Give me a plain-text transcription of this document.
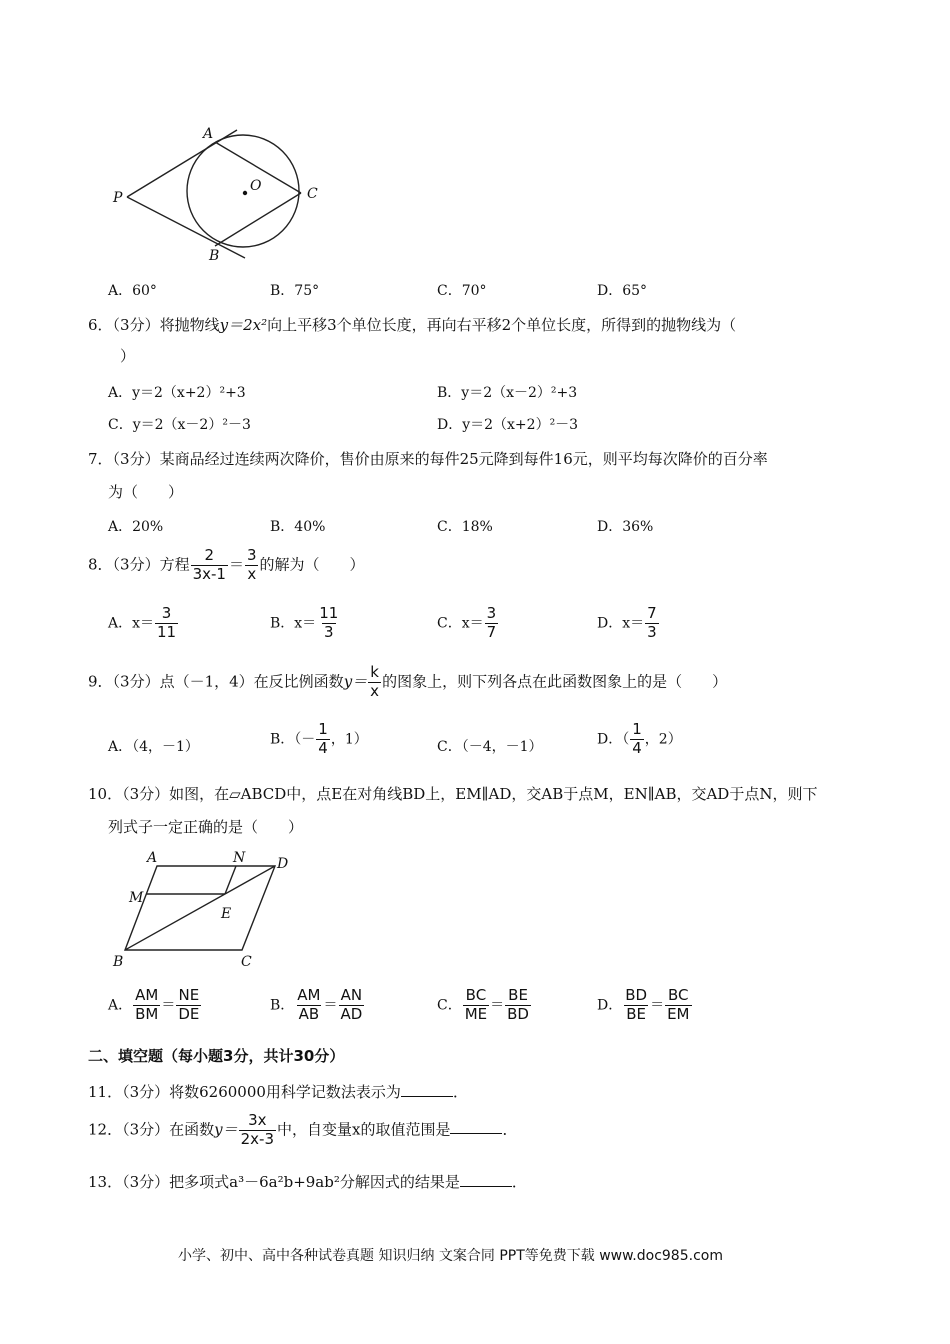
A
B
C
P
O
A．60°	B．75°	C．70°	D．65°
6．（3分）将抛物线y＝2x²向上平移3个单位长度，再向右平移2个单位长度，所得到的抛物线为（
）
A．y＝2（x+2）²+3	B．y＝2（x－2）²+3
C．y＝2（x－2）²－3	D．y＝2（x+2）²－3
7．（3分）某商品经过连续两次降价，售价由原来的每件25元降到每件16元，则平均每次降价的百分率
为（　　）
A．20%	B．40%	C．18%	D．36%
8．（3分）方程 $\frac{2}{3x-1} = \frac{3}{x}$ 的解为（　　）
A．$x= \frac{3}{11}$	B．$x= \frac{11}{3}$	C．$x= \frac{3}{7}$	D．$x= \frac{7}{3}$
9．（3分）点（－1，4）在反比例函数$y= \frac{k}{x}$ 的图象上，则下列各点在此函数图象上的是（　　）
A．（4，－1）	B．（－ $\frac{1}{4}$ ，1）	C．（－4，－1）	D．（ $\frac{1}{4}$ ，2）
10．（3分）如图，在▱ABCD中，点E在对角线BD上，EM∥AD，交AB于点M，EN∥AB，交AD于点N，则下
列式子一定正确的是（　　）
A	N D
M
E
B	C
A． $\frac{AM}{BM} = \frac{NE}{DE}$	B． $\frac{AM}{AB} = \frac{AN}{AD}$	C． $\frac{BC}{ME} = \frac{BE}{BD}$	D． $\frac{BD}{BE} = \frac{BC}{EM}$
二、填空题（每小题3分，共计30分）
11．（3分）将数6260000用科学记数法表示为	．
12．（3分）在函数$y= \frac{3x}{2x-3}$ 中，自变量x的取值范围是	．
13．（3分）把多项式a³－6a²b+9ab²分解因式的结果是	．
小学、初中、高中各种试卷真题 知识归纳 文案合同 PPT等免费下载 www.doc985.com
